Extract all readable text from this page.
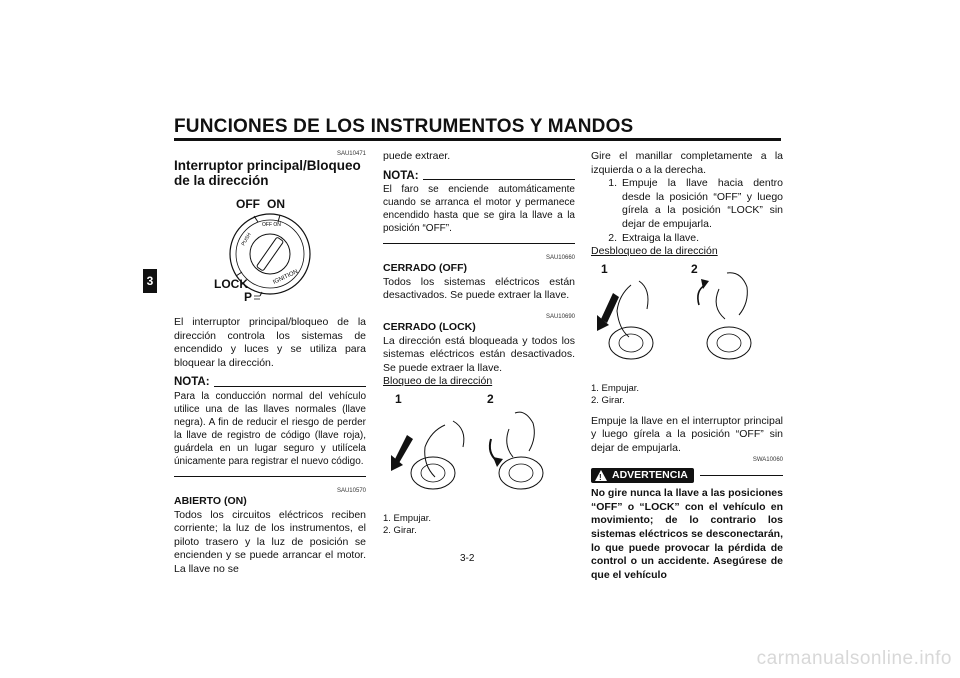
FUNCIONES DE LOS INSTRUMENTOS Y MANDOS
3
SAU10471
Interruptor principal/Bloqueo de la dirección
PUSH
IGNITION
OFF ON
OFF ON
LOCK
P

El interruptor principal/bloqueo de la dirección controla los sistemas de encendido y luces y se utiliza para bloquear la dirección.

NOTA:
Para la conducción normal del vehículo utilice una de las llaves normales (llave negra). A fin de reducir el riesgo de perder la llave de registro de código (llave roja), guárdela en un lugar seguro y utilícela únicamente para registrar el nuevo código.
SAU10570
ABIERTO (ON)

Todos los circuitos eléctricos reciben corriente; la luz de los instrumentos, el piloto trasero y la luz de posición se encienden y se puede arrancar el motor. La llave no se

puede extraer.

NOTA:
El faro se enciende automáticamente cuando se arranca el motor y permanece encendido hasta que se gira la llave a la posición “OFF”.
SAU10660
CERRADO (OFF)

Todos los sistemas eléctricos están desactivados. Se puede extraer la llave.

SAU10690
CERRADO (LOCK)

La dirección está bloqueada y todos los sistemas eléctricos están desactivados. Se puede extraer la llave.

Bloqueo de la dirección
1	2
1. Empujar.
2. Girar.

Gire el manillar completamente a la izquierda o a la derecha.

1. Empuje la llave hacia dentro desde la posición “OFF” y luego gírela a la posición “LOCK” sin dejar de empujarla.
2. Extraiga la llave.
Desbloqueo de la dirección
1	2
1. Empujar.
2. Girar.

Empuje la llave en el interruptor principal y luego gírela a la posición “OFF” sin dejar de empujarla.

SWA10060
! ADVERTENCIA
No gire nunca la llave a las posiciones “OFF” o “LOCK” con el vehículo en movimiento; de lo contrario los sistemas eléctricos se desconectarán, lo que puede provocar la pérdida de control o un accidente. Asegúrese de que el vehículo
3-2
carmanualsonline.info
